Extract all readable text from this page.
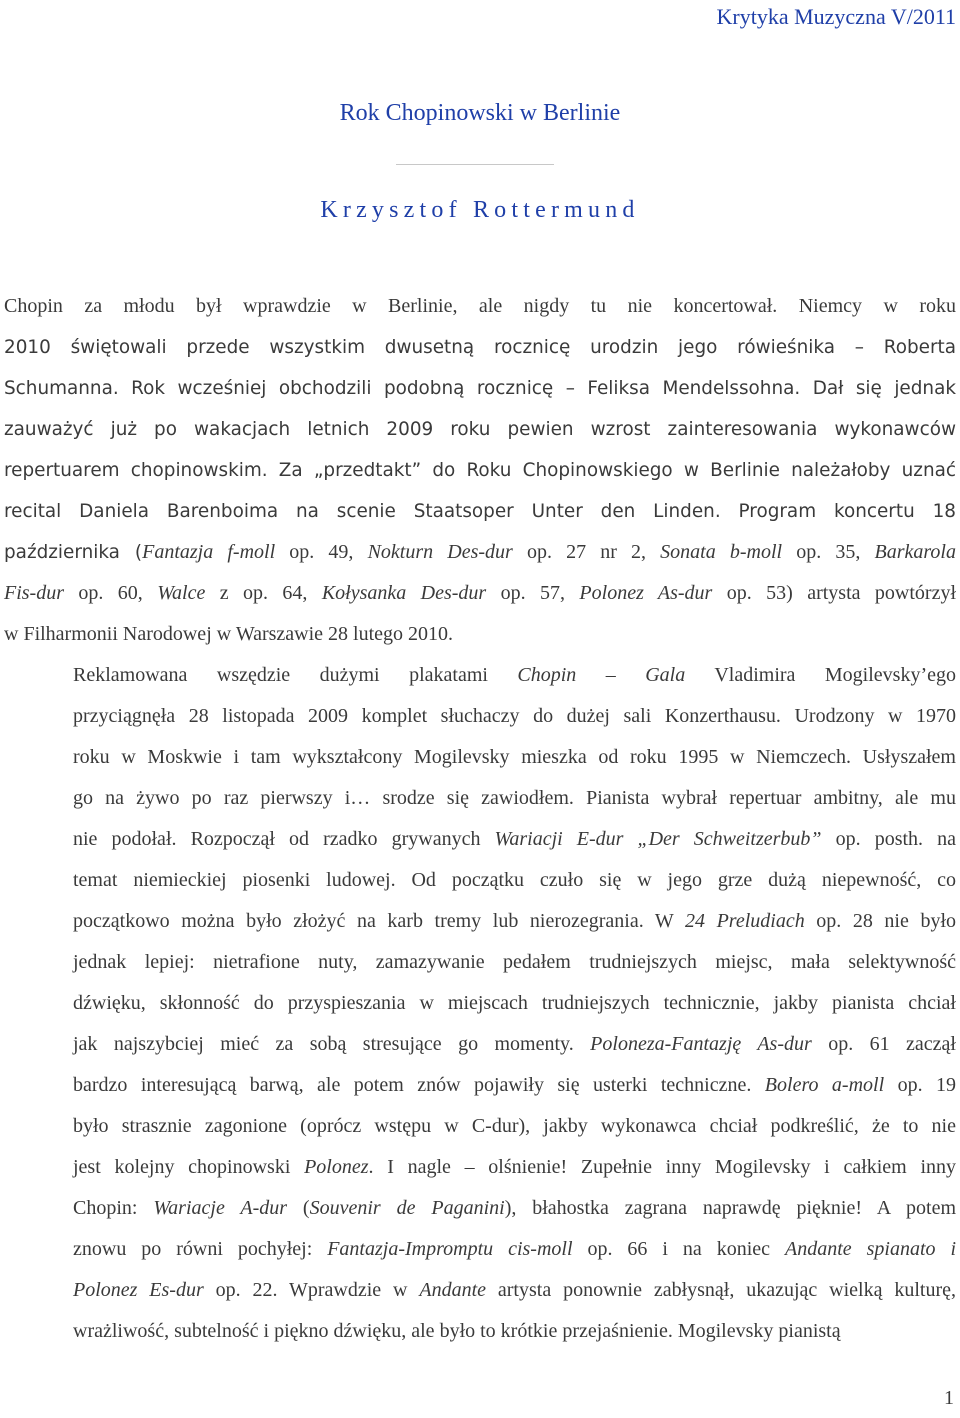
Krytyka Muzyczna V/2011
Rok Chopinowski w Berlinie
Krzysztof Rottermund

Chopin za młodu był wprawdzie w Berlinie, ale nigdy tu nie koncertował. Niemcy w roku
2010 świętowali przede wszystkim dwusetną rocznicę urodzin jego rówieśnika – Roberta
Schumanna. Rok wcześniej obchodzili podobną rocznicę – Feliksa Mendelssohna. Dał się jednak
zauważyć już po wakacjach letnich 2009 roku pewien wzrost zainteresowania wykonawców
repertuarem chopinowskim. Za „przedtakt” do Roku Chopinowskiego w Berlinie należałoby uznać
recital Daniela Barenboima na scenie Staatsoper Unter den Linden. Program koncertu 18
października (Fantazja f-moll op. 49, Nokturn Des-dur op. 27 nr 2, Sonata b-moll op. 35, Barkarola
Fis-dur op. 60, Walce z op. 64, Kołysanka Des-dur op. 57, Polonez As-dur op. 53) artysta powtórzył
w Filharmonii Narodowej w Warszawie 28 lutego 2010.

Reklamowana wszędzie dużymi plakatami Chopin – Gala Vladimira Mogilevsky’ego
przyciągnęła 28 listopada 2009 komplet słuchaczy do dużej sali Konzerthausu. Urodzony w 1970
roku w Moskwie i tam wykształcony Mogilevsky mieszka od roku 1995 w Niemczech. Usłyszałem
go na żywo po raz pierwszy i… srodze się zawiodłem. Pianista wybrał repertuar ambitny, ale mu
nie podołał. Rozpoczął od rzadko grywanych Wariacji E-dur „Der Schweitzerbub” op. posth. na
temat niemieckiej piosenki ludowej. Od początku czuło się w jego grze dużą niepewność, co
początkowo można było złożyć na karb tremy lub nierozegrania. W 24 Preludiach op. 28 nie było
jednak lepiej: nietrafione nuty, zamazywanie pedałem trudniejszych miejsc, mała selektywność
dźwięku, skłonność do przyspieszania w miejscach trudniejszych technicznie, jakby pianista chciał
jak najszybciej mieć za sobą stresujące go momenty. Poloneza-Fantazję As-dur op. 61 zaczął
bardzo interesującą barwą, ale potem znów pojawiły się usterki techniczne. Bolero a-moll op. 19
było strasznie zagonione (oprócz wstępu w C-dur), jakby wykonawca chciał podkreślić, że to nie
jest kolejny chopinowski Polonez. I nagle – olśnienie! Zupełnie inny Mogilevsky i całkiem inny
Chopin: Wariacje A-dur (Souvenir de Paganini), błahostka zagrana naprawdę pięknie! A potem
znowu po równi pochyłej: Fantazja-Impromptu cis-moll op. 66 i na koniec Andante spianato i
Polonez Es-dur op. 22. Wprawdzie w Andante artysta ponownie zabłysnął, ukazując wielką kulturę,
wrażliwość, subtelność i piękno dźwięku, ale było to krótkie przejaśnienie. Mogilevsky pianistą

1
